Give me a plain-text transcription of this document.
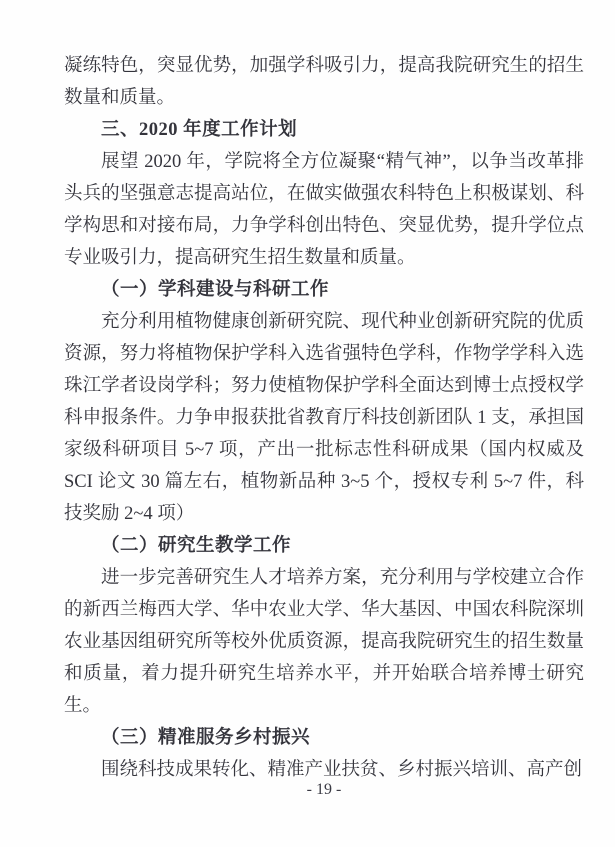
凝练特色，突显优势，加强学科吸引力，提高我院研究生的招生数量和质量。

三、2020 年度工作计划

展望 2020 年，学院将全方位凝聚“精气神”，以争当改革排头兵的坚强意志提高站位，在做实做强农科特色上积极谋划、科学构思和对接布局，力争学科创出特色、突显优势，提升学位点专业吸引力，提高研究生招生数量和质量。

（一）学科建设与科研工作

充分利用植物健康创新研究院、现代种业创新研究院的优质资源，努力将植物保护学科入选省强特色学科，作物学学科入选珠江学者设岗学科；努力使植物保护学科全面达到博士点授权学科申报条件。力争申报获批省教育厅科技创新团队 1 支，承担国家级科研项目 5~7 项，产出一批标志性科研成果（国内权威及 SCI 论文 30 篇左右，植物新品种 3~5 个，授权专利 5~7 件，科技奖励 2~4 项）

（二）研究生教学工作

进一步完善研究生人才培养方案，充分利用与学校建立合作的新西兰梅西大学、华中农业大学、华大基因、中国农科院深圳农业基因组研究所等校外优质资源，提高我院研究生的招生数量和质量，着力提升研究生培养水平，并开始联合培养博士研究生。

（三）精准服务乡村振兴

围绕科技成果转化、精准产业扶贫、乡村振兴培训、高产创

- 19 -
